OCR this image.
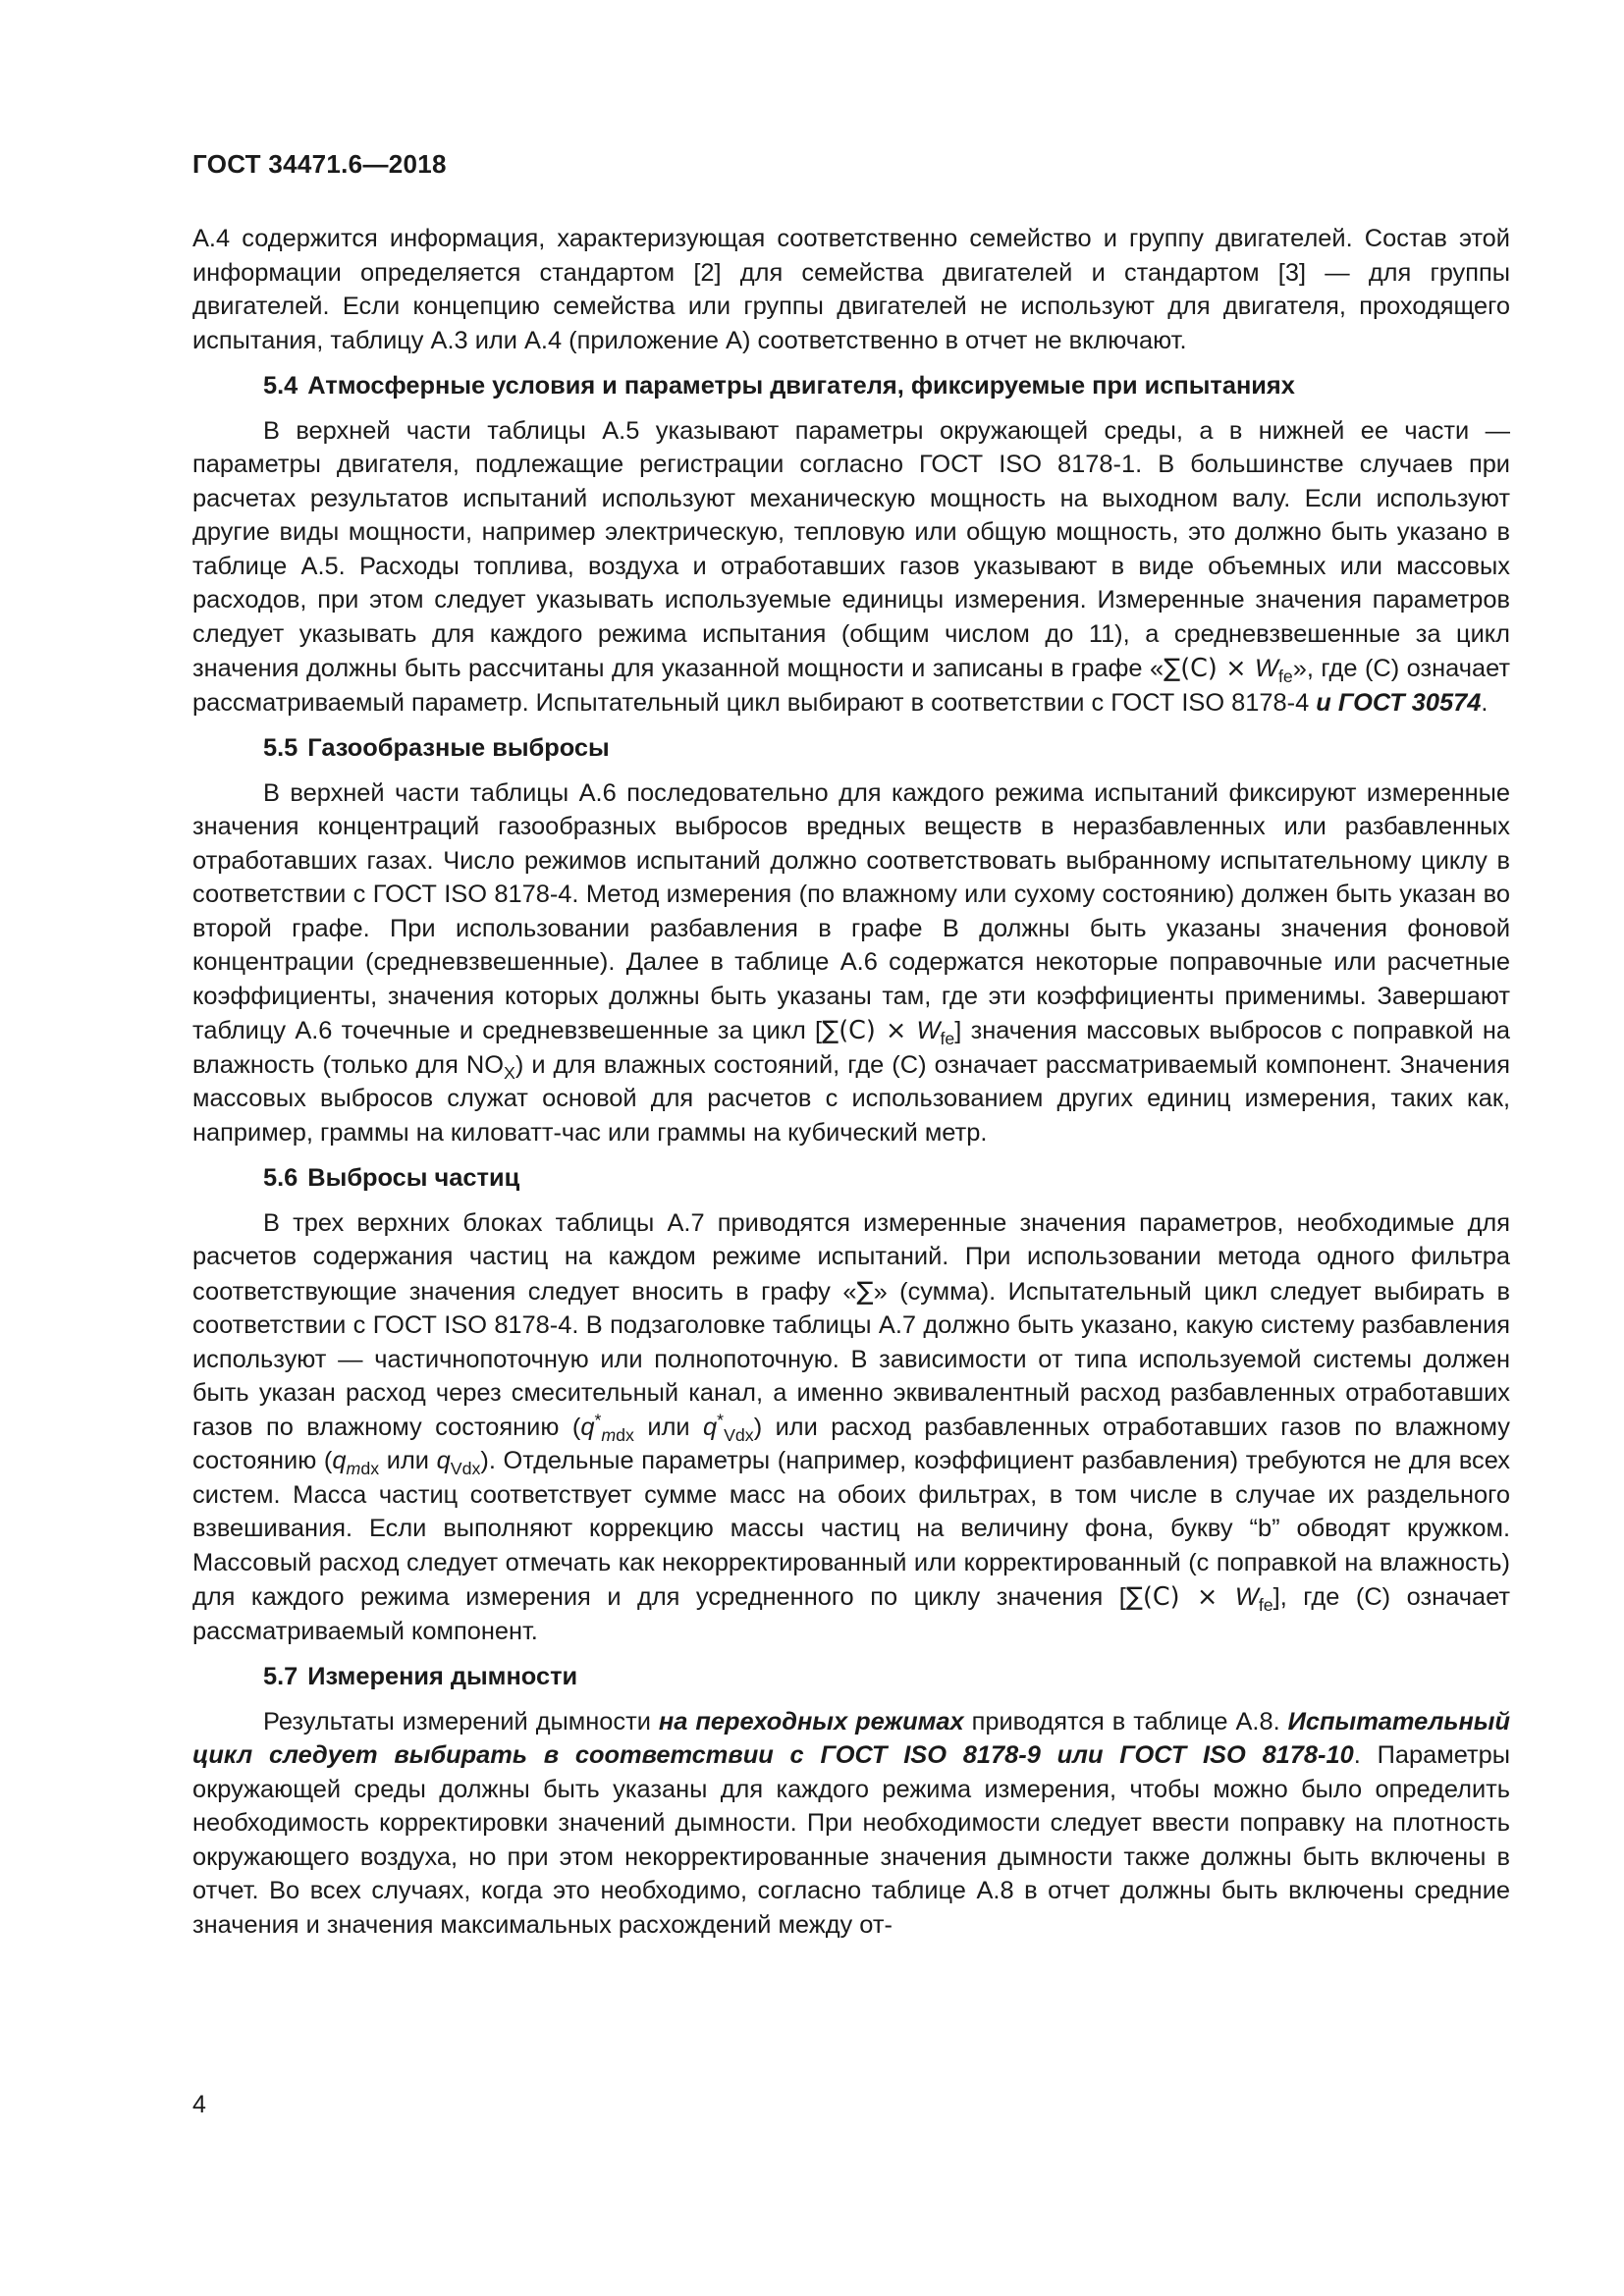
ГОСТ 34471.6—2018

А.4 содержится информация, характеризующая соответственно семейство и группу двигателей. Состав этой информации определяется стандартом [2] для семейства двигателей и стандартом [3] — для группы двигателей. Если концепцию семейства или группы двигателей не используют для двигателя, проходящего испытания, таблицу А.3 или А.4 (приложение А) соответственно в отчет не включают.

5.4 Атмосферные условия и параметры двигателя, фиксируемые при испытаниях

В верхней части таблицы А.5 указывают параметры окружающей среды, а в нижней ее части — параметры двигателя, подлежащие регистрации согласно ГОСТ ISO 8178-1. В большинстве случаев при расчетах результатов испытаний используют механическую мощность на выходном валу. Если используют другие виды мощности, например электрическую, тепловую или общую мощность, это должно быть указано в таблице А.5. Расходы топлива, воздуха и отработавших газов указывают в виде объемных или массовых расходов, при этом следует указывать используемые единицы измерения. Измеренные значения параметров следует указывать для каждого режима испытания (общим числом до 11), а средневзвешенные за цикл значения должны быть рассчитаны для указанной мощности и записаны в графе «$\sum(C) \times W_{fe}$», где (С) означает рассматриваемый параметр. Испытательный цикл выбирают в соответствии с ГОСТ ISO 8178-4 и ГОСТ 30574.

5.5 Газообразные выбросы

В верхней части таблицы А.6 последовательно для каждого режима испытаний фиксируют измеренные значения концентраций газообразных выбросов вредных веществ в неразбавленных или разбавленных отработавших газах. Число режимов испытаний должно соответствовать выбранному испытательному циклу в соответствии с ГОСТ ISO 8178-4. Метод измерения (по влажному или сухому состоянию) должен быть указан во второй графе. При использовании разбавления в графе В должны быть указаны значения фоновой концентрации (средневзвешенные). Далее в таблице А.6 содержатся некоторые поправочные или расчетные коэффициенты, значения которых должны быть указаны там, где эти коэффициенты применимы. Завершают таблицу А.6 точечные и средневзвешенные за цикл $[\sum(C) \times W_{fe}]$ значения массовых выбросов с поправкой на влажность (только для $NO_X$) и для влажных состояний, где (С) означает рассматриваемый компонент. Значения массовых выбросов служат основой для расчетов с использованием других единиц измерения, таких как, например, граммы на киловатт-час или граммы на кубический метр.

5.6 Выбросы частиц

В трех верхних блоках таблицы А.7 приводятся измеренные значения параметров, необходимые для расчетов содержания частиц на каждом режиме испытаний. При использовании метода одного фильтра соответствующие значения следует вносить в графу «∑» (сумма). Испытательный цикл следует выбирать в соответствии с ГОСТ ISO 8178-4. В подзаголовке таблицы А.7 должно быть указано, какую систему разбавления используют — частичнопоточную или полнопоточную. В зависимости от типа используемой системы должен быть указан расход через смесительный канал, а именно эквивалентный расход разбавленных отработавших газов по влажному состоянию ($q^*_{mdx}$ или $q^*_{Vdx}$) или расход разбавленных отработавших газов по влажному состоянию ($q_{mdx}$ или $q_{Vdx}$). Отдельные параметры (например, коэффициент разбавления) требуются не для всех систем. Масса частиц соответствует сумме масс на обоих фильтрах, в том числе в случае их раздельного взвешивания. Если выполняют коррекцию массы частиц на величину фона, букву “b” обводят кружком. Массовый расход следует отмечать как некорректированный или корректированный (с поправкой на влажность) для каждого режима измерения и для усредненного по циклу значения $[\sum(C) \times W_{fe}]$, где (С) означает рассматриваемый компонент.

5.7 Измерения дымности

Результаты измерений дымности на переходных режимах приводятся в таблице А.8. Испытательный цикл следует выбирать в соответствии с ГОСТ ISO 8178-9 или ГОСТ ISO 8178-10. Параметры окружающей среды должны быть указаны для каждого режима измерения, чтобы можно было определить необходимость корректировки значений дымности. При необходимости следует ввести поправку на плотность окружающего воздуха, но при этом некорректированные значения дымности также должны быть включены в отчет. Во всех случаях, когда это необходимо, согласно таблице А.8 в отчет должны быть включены средние значения и значения максимальных расхождений между от-

4
